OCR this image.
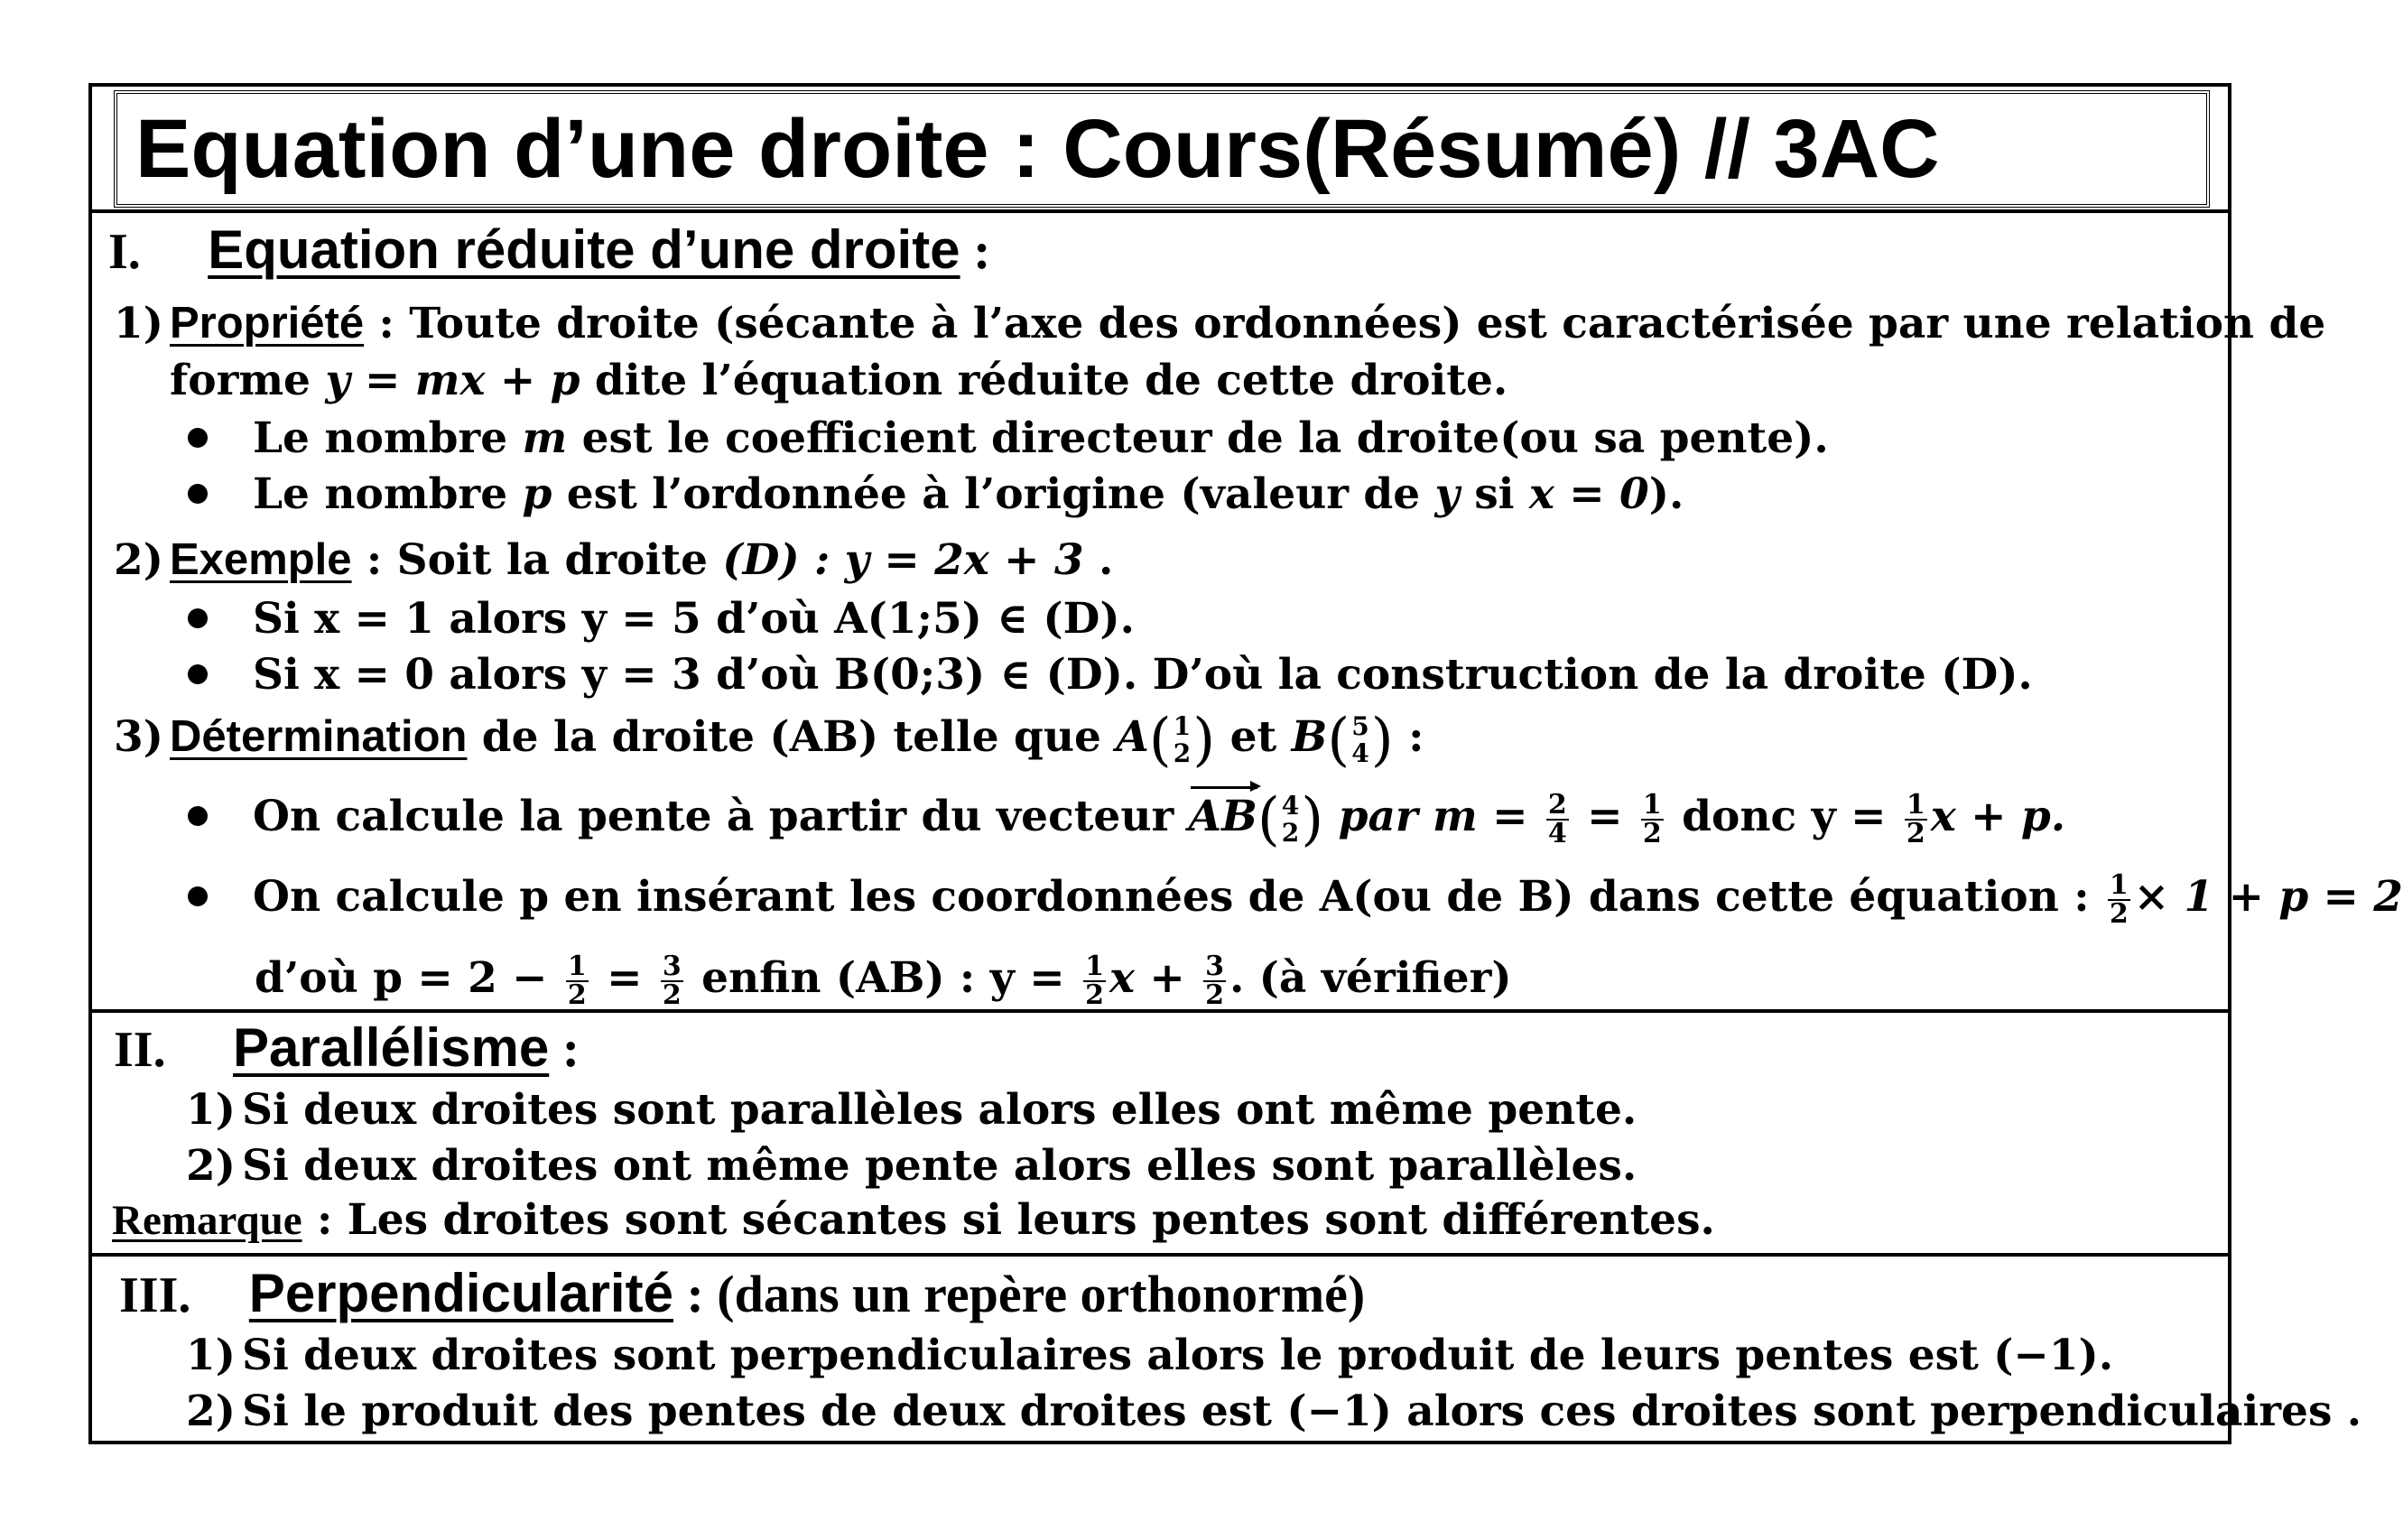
Equation d’une droite : Cours(Résumé) // 3AC
I. Equation réduite d’une droite :
1) Propriété : Toute droite (sécante à l’axe des ordonnées) est caractérisée par une relation de
forme y = mx + p dite l’équation réduite de cette droite.
Le nombre m est le coefficient directeur de la droite(ou sa pente).
Le nombre p est l’ordonnée à l’origine (valeur de y si x = 0).
2) Exemple : Soit la droite (D) : y = 2x + 3 .
Si x = 1 alors y = 5 d’où A(1;5) ∈ (D).
Si x = 0 alors y = 3 d’où B(0;3) ∈ (D). D’où la construction de la droite (D).
3) Détermination de la droite (AB) telle que A ( 1
2 ) et B ( 5
4 ) :
On calcule la pente à partir du vecteur AB ( 4
2 ) par $m = \frac{2}{4} = \frac{1}{2}$ donc $y = \frac{1}{2}$ x + p.
On calcule p en insérant les coordonnées de A(ou de B) dans cette équation : $\frac{1}{2} \times 1 + p = 2$
d’où $p = 2 - \frac{1}{2} = \frac{3}{2}$ enfin (AB) : $y = \frac{1}{2}$ $x + \frac{3}{2}$ . (à vérifier)
II. Parallélisme :
1) Si deux droites sont parallèles alors elles ont même pente.
2) Si deux droites ont même pente alors elles sont parallèles.
Remarque : Les droites sont sécantes si leurs pentes sont différentes.
III. Perpendicularité : (dans un repère orthonormé)
1) Si deux droites sont perpendiculaires alors le produit de leurs pentes est (−1).
2) Si le produit des pentes de deux droites est (−1) alors ces droites sont perpendiculaires .
